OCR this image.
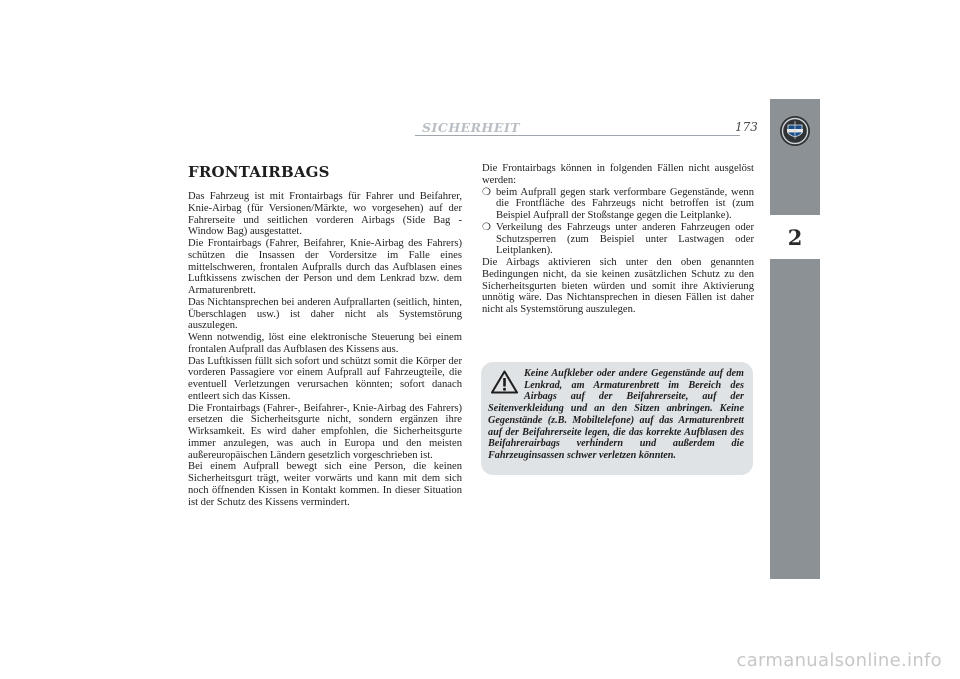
SICHERHEIT	173
2
FRONTAIRBAGS

Das Fahrzeug ist mit Frontairbags für Fahrer und Beifahrer, Knie-Airbag (für Versionen/Märkte, wo vorgesehen) auf der Fahrerseite und seitlichen vorderen Airbags (Side Bag - Window Bag) ausgestattet.

Die Frontairbags (Fahrer, Beifahrer, Knie-Airbag des Fahrers) schützen die Insassen der Vordersitze im Falle eines mittelschweren, frontalen Aufpralls durch das Aufblasen eines Luftkissens zwischen der Person und dem Lenkrad bzw. dem Armaturenbrett.

Das Nichtansprechen bei anderen Aufprallarten (seitlich, hinten, Überschlagen usw.) ist daher nicht als Systemstörung auszulegen.

Wenn notwendig, löst eine elektronische Steuerung bei einem frontalen Aufprall das Aufblasen des Kissens aus.

Das Luftkissen füllt sich sofort und schützt somit die Körper der vorderen Passagiere vor einem Aufprall auf Fahrzeugteile, die eventuell Verletzungen verursachen könnten; sofort danach entleert sich das Kissen.

Die Frontairbags (Fahrer-, Beifahrer-, Knie-Airbag des Fahrers) ersetzen die Sicherheitsgurte nicht, sondern ergänzen ihre Wirksamkeit. Es wird daher empfohlen, die Sicherheitsgurte immer anzulegen, was auch in Europa und den meisten außereuropäischen Ländern gesetzlich vorgeschrieben ist.

Bei einem Aufprall bewegt sich eine Person, die keinen Sicherheitsgurt trägt, weiter vorwärts und kann mit dem sich noch öffnenden Kissen in Kontakt kommen. In dieser Situation ist der Schutz des Kissens vermindert.

Die Frontairbags können in folgenden Fällen nicht ausgelöst werden:

❍ beim Aufprall gegen stark verformbare Gegenstände, wenn die Frontfläche des Fahrzeugs nicht betroffen ist (zum Beispiel Aufprall der Stoßstange gegen die Leitplanke).
❍ Verkeilung des Fahrzeugs unter anderen Fahrzeugen oder Schutzsperren (zum Beispiel unter Lastwagen oder Leitplanken).

Die Airbags aktivieren sich unter den oben genannten Bedingungen nicht, da sie keinen zusätzlichen Schutz zu den Sicherheitsgurten bieten würden und somit ihre Aktivierung unnötig wäre. Das Nichtansprechen in diesen Fällen ist daher nicht als Systemstörung auszulegen.

Keine Aufkleber oder andere Gegenstände auf dem Lenkrad, am Armaturenbrett im Bereich des Airbags auf der Beifahrerseite, auf der Seitenverkleidung und an den Sitzen anbringen. Keine Gegenstände (z.B. Mobiltelefone) auf das Armaturenbrett auf der Beifahrerseite legen, die das korrekte Aufblasen des Beifahrerairbags verhindern und außerdem die Fahrzeuginsassen schwer verletzen könnten.

carmanualsonline.info
